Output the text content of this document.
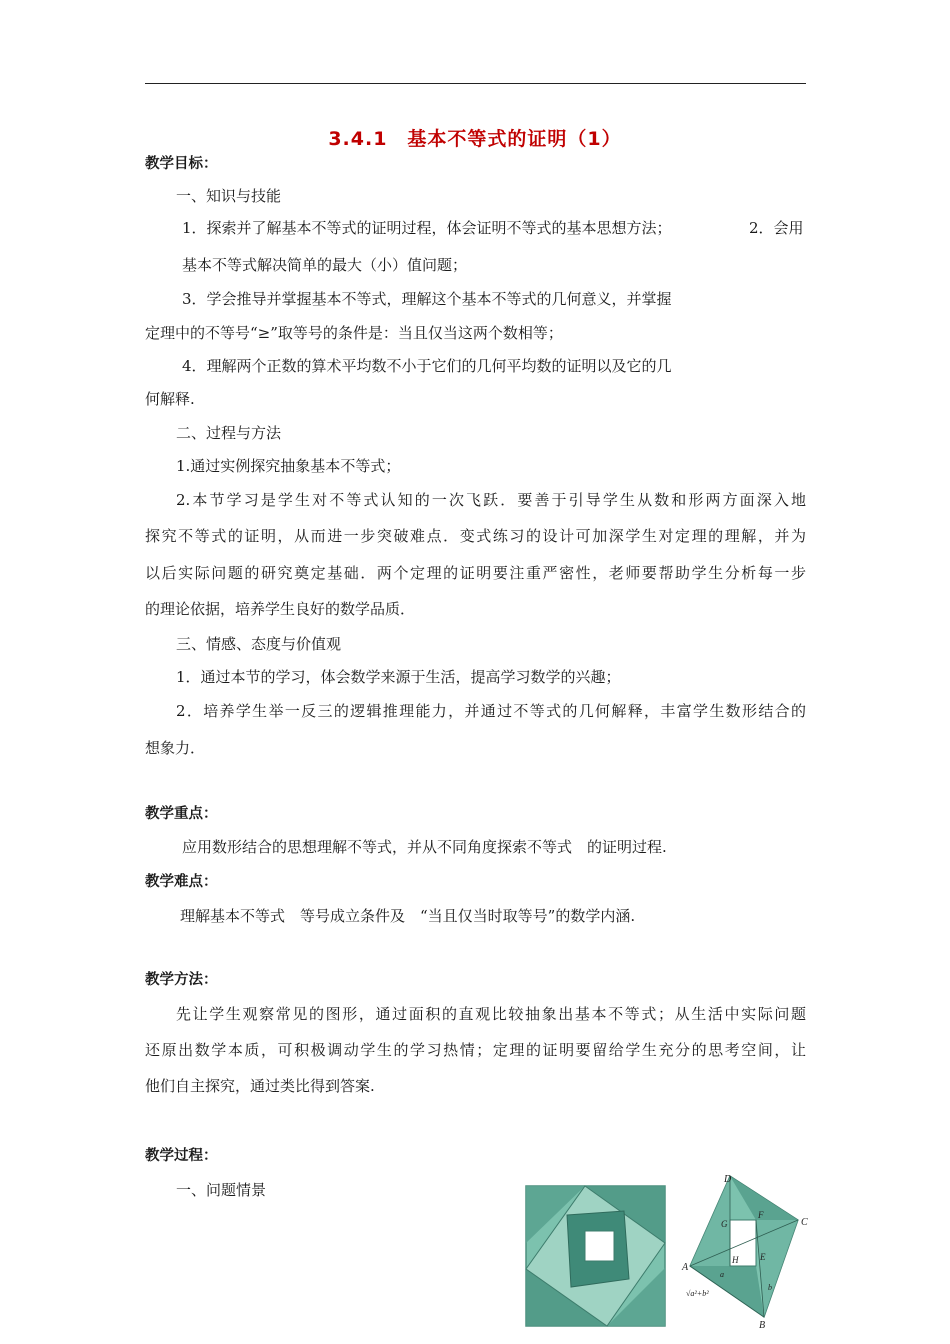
3.4.1　基本不等式的证明（1）
教学目标：
一、知识与技能
1．探索并了解基本不等式的证明过程，体会证明不等式的基本思想方法；	2．会用
基本不等式解决简单的最大（小）值问题；
3．学会推导并掌握基本不等式，理解这个基本不等式的几何意义，并掌握
定理中的不等号“≥”取等号的条件是：当且仅当这两个数相等；
4．理解两个正数的算术平均数不小于它们的几何平均数的证明以及它的几
何解释.
二、过程与方法
1.通过实例探究抽象基本不等式；
2.本节学习是学生对不等式认知的一次飞跃．要善于引导学生从数和形两方面深入地
探究不等式的证明，从而进一步突破难点．变式练习的设计可加深学生对定理的理解，并为
以后实际问题的研究奠定基础．两个定理的证明要注重严密性，老师要帮助学生分析每一步
的理论依据，培养学生良好的数学品质．
三、情感、态度与价值观
1．通过本节的学习，体会数学来源于生活，提高学习数学的兴趣；
2．培养学生举一反三的逻辑推理能力，并通过不等式的几何解释，丰富学生数形结合的
想象力．
教学重点：
应用数形结合的思想理解不等式，并从不同角度探索不等式　的证明过程.
教学难点：
理解基本不等式　等号成立条件及　“当且仅当时取等号”的数学内涵.
教学方法：
先让学生观察常见的图形，通过面积的直观比较抽象出基本不等式；从生活中实际问题
还原出数学本质，可积极调动学生的学习热情；定理的证明要留给学生充分的思考空间，让
他们自主探究，通过类比得到答案.
教学过程：
一、问题情景
D
C
A
B
E
F
G
H
a
b
√a²+b²
